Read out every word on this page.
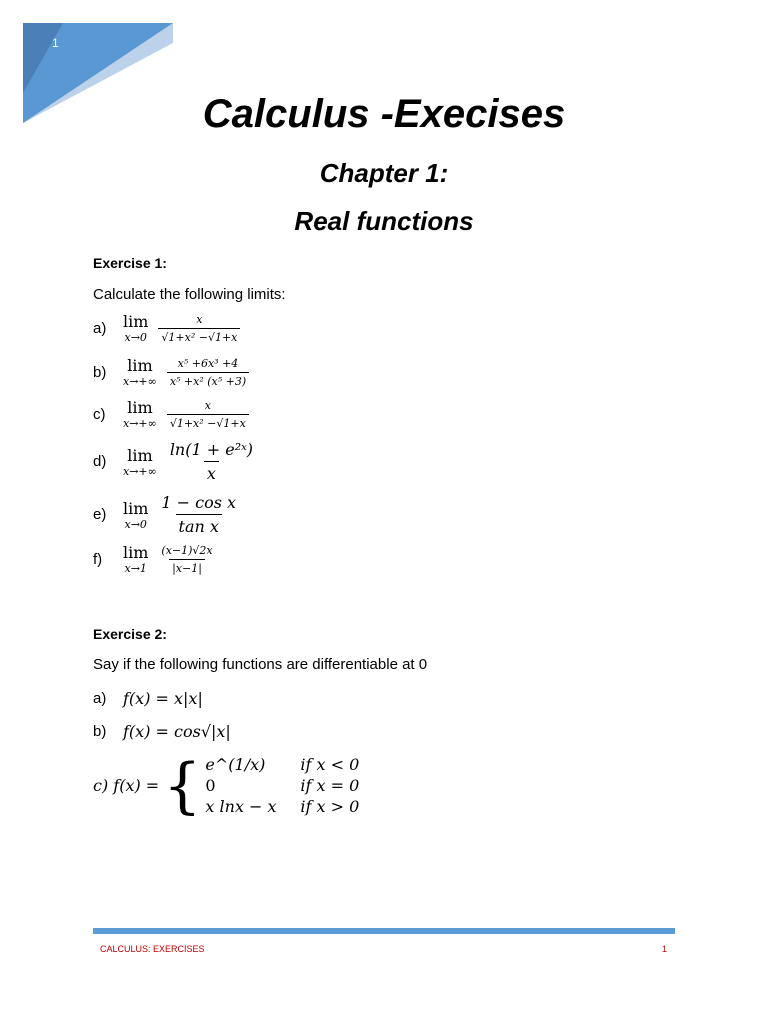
1
Calculus -Execises
Chapter 1:
Real functions
Exercise 1:
Calculate the following limits:
a)	lim
$x\to 0 \frac{x}{\text{√1+x² −√1+x}}$
b)	lim
$x\to+\infty \frac{\text{x⁵ +6x³ +4}}{\text{x⁵ +x² (x⁵ +3)}}$
c)	lim
$x\to+\infty \frac{x}{\text{√1+x² −√1+x}}$
d)	lim
$x\to+\infty \frac{\text{ln(1 + e²ˣ)}}{x}$
e)	lim
$x\to 0 \frac{\text{1 − cos x}}{\text{tan x}}$
f)	lim
$x\to 1 \frac{(x-1)√2x}{|x-1|}$
Exercise 2:
Say if the following functions are differentiable at 0
a)	f(x) = x|x|
b)	f(x) = cos√|x|
c) f(x) = { e^(1/x)	if x < 0
0	if x = 0
x lnx − x	if x > 0
CALCULUS: EXERCISES	1
